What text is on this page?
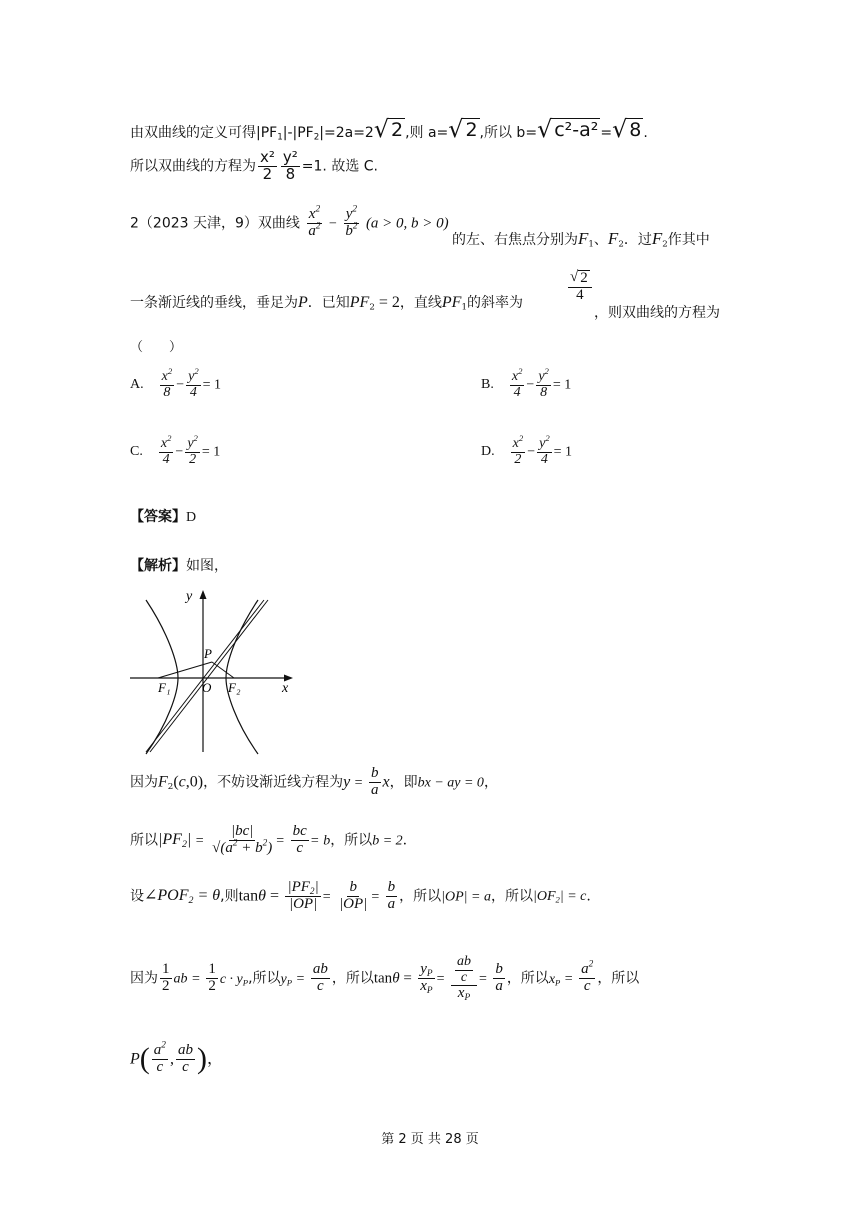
由双曲线的定义可得$|PF_1|-|PF_2|=2a=2$ √ 2 ,则 a= √ 2 ,所以 b= √ c²-a² = √ 8 .
所以双曲线的方程为 $\frac{\text{x²}}{2} \frac{\text{y²}}{8} =1$. 故选 C.
2（2023 天津，9）双曲线 $\frac{x^2}{a^2} - \frac{y^2}{b^2} (a > 0$, b > 0)
的左、右焦点分别为$F_1$、$F_2$．过$F_2$作其中
一条渐近线的垂线，垂足为P．已知$PF_2 = 2$，直线$PF_1$的斜率为	$\frac{√ 2}{4}$
，则双曲线的方程为
（　　）
A. $\frac{x^2}{8} - \frac{y^2}{4} = 1$	B. $\frac{x^2}{4} - \frac{y^2}{8} = 1$
C. $\frac{x^2}{4} - \frac{y^2}{2} = 1$	D. $\frac{x^2}{2} - \frac{y^2}{4} = 1$
【答案】D
【解析】如图，
y
x
P
O
F₁	F₂
因为$F_2(c,0)$，不妨设渐近线方程为$y = \frac{b}{a}$ x，即bx − ay = 0，
所以$|PF_2| = \frac{|bc|}{√(a^2 + b^2)} = \frac{bc}{c} = b$，所以b = 2.
设$\angle POF_2 = \theta$,则$\tan\theta = \frac{|PF_2|}{|OP|} = \frac{b}{|OP|} = \frac{b}{a}$ ，所以|OP| = a，所以$|OF_2| = c$.
因为 $\frac{1}{2}$ ab = $\frac{1}{2}$ $c \cdot y_P$,所以$y_P = \frac{ab}{c}$ ，所以$\tan\theta = \frac{y_P}{x_P} = \frac{\frac{ab}{c}}{x_P} = \frac{b}{a}$ ，所以$x_P = \frac{a^2}{c}$ ，所以
$P( \frac{a^2}{c}$ , $\frac{ab}{c}$ )，
第 2 页 共 28 页
